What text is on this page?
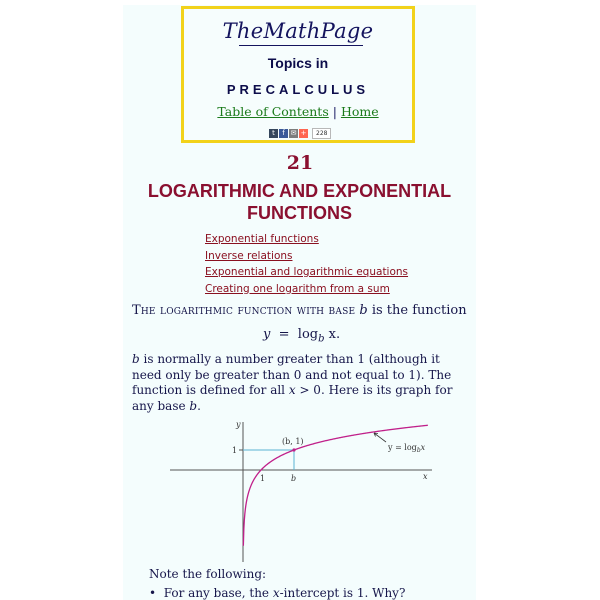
TheMathPage
Topics in
PRECALCULUS
Table of Contents | Home
t	f ✉ +	228
21
LOGARITHMIC AND EXPONENTIAL
FUNCTIONS
Exponential functions
Inverse relations
Exponential and logarithmic equations
Creating one logarithm from a sum
The logarithmic function with base b is the function
$y = \log_b x$.
b is normally a number greater than 1 (although it need only be greater than 0 and not equal to 1). The function is defined for all x > 0. Here is its graph for any base b.
y
x
1
1	b
(b, 1)
$y = \log_bx$
Note the following:
•  For any base, the x-intercept is 1. Why?
